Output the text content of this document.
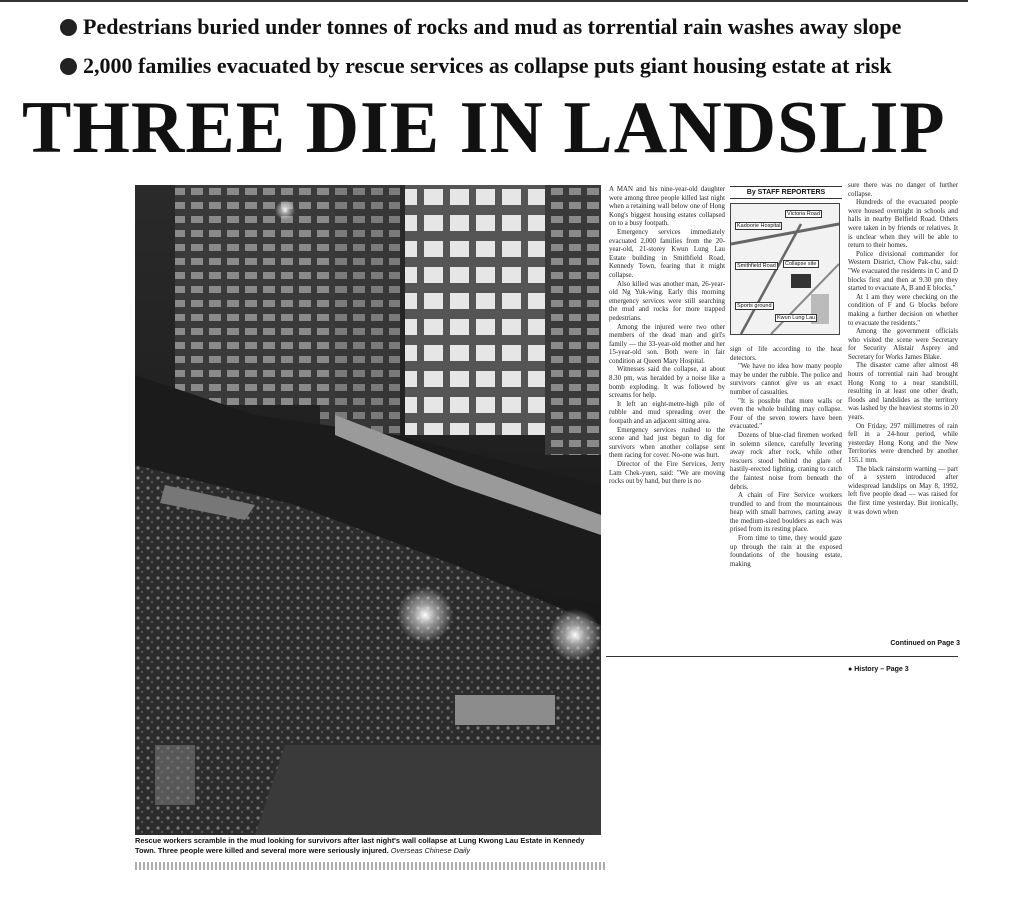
Pedestrians buried under tonnes of rocks and mud as torrential rain washes away slope
2,000 families evacuated by rescue services as collapse puts giant housing estate at risk
THREE DIE IN LANDSLIP
Rescue workers scramble in the mud looking for survivors after last night's wall collapse at Lung Kwong Lau Estate in Kennedy Town. Three people were killed and several more were seriously injured. Overseas Chinese Daily

A MAN and his nine-year-old daughter were among three people killed last night when a retaining wall below one of Hong Kong's biggest housing estates collapsed on to a busy footpath.

Emergency services immediately evacuated 2,000 families from the 20-year-old, 21-storey Kwun Lung Lau Estate building in Smithfield Road, Kennedy Town, fearing that it might collapse.

Also killed was another man, 26-year-old Ng Yuk-wing. Early this morning emergency services were still searching the mud and rocks for more trapped pedestrians.

Among the injured were two other members of the dead man and girl's family — the 33-year-old mother and her 15-year-old son. Both were in fair condition at Queen Mary Hospital.

Witnesses said the collapse, at about 8.30 pm, was heralded by a noise like a bomb exploding. It was followed by screams for help.

It left an eight-metre-high pile of rubble and mud spreading over the footpath and an adjacent sitting area.

Emergency services rushed to the scene and had just begun to dig for survivors when another collapse sent them racing for cover. No-one was hurt.

Director of the Fire Services, Jerry Lam Chek-yuen, said: "We are moving rocks out by hand, but there is no

By STAFF REPORTERS
Kadoorie Hospital
Victoria Road
Smithfield Road
Sports ground
Collapse site
Kwun Lung Lau

sign of life according to the heat detectors.

"We have no idea how many people may be under the rubble. The police and survivors cannot give us an exact number of casualties.

"It is possible that more walls or even the whole building may collapse. Four of the seven towers have been evacuated."

Dozens of blue-clad firemen worked in solemn silence, carefully levering away rock after rock, while other rescuers stood behind the glare of hastily-erected lighting, craning to catch the faintest noise from beneath the debris.

A chain of Fire Service workers trundled to and from the mountainous heap with small barrows, carting away the medium-sized boulders as each was prised from its resting place.

From time to time, they would gaze up through the rain at the exposed foundations of the housing estate, making

sure there was no danger of further collapse.

Hundreds of the evacuated people were housed overnight in schools and halls in nearby Belfield Road. Others were taken in by friends or relatives. It is unclear when they will be able to return to their homes.

Police divisional commander for Western District, Chow Pak-chu, said: "We evacuated the residents in C and D blocks first and then at 9.30 pm they started to evacuate A, B and E blocks."

At 1 am they were checking on the condition of F and G blocks before making a further decision on whether to evacuate the residents."

Among the government officials who visited the scene were Secretary for Security Alistair Asprey and Secretary for Works James Blake.

The disaster came after almost 48 hours of torrential rain had brought Hong Kong to a near standstill, resulting in at least one other death, floods and landslides as the territory was lashed by the heaviest storms in 20 years.

On Friday, 297 millimetres of rain fell in a 24-hour period, while yesterday Hong Kong and the New Territories were drenched by another 155.1 mm.

The black rainstorm warning — part of a system introduced after widespread landslips on May 8, 1992, left five people dead — was raised for the first time yesterday. But ironically, it was down when

Continued on Page 3
● History – Page 3
